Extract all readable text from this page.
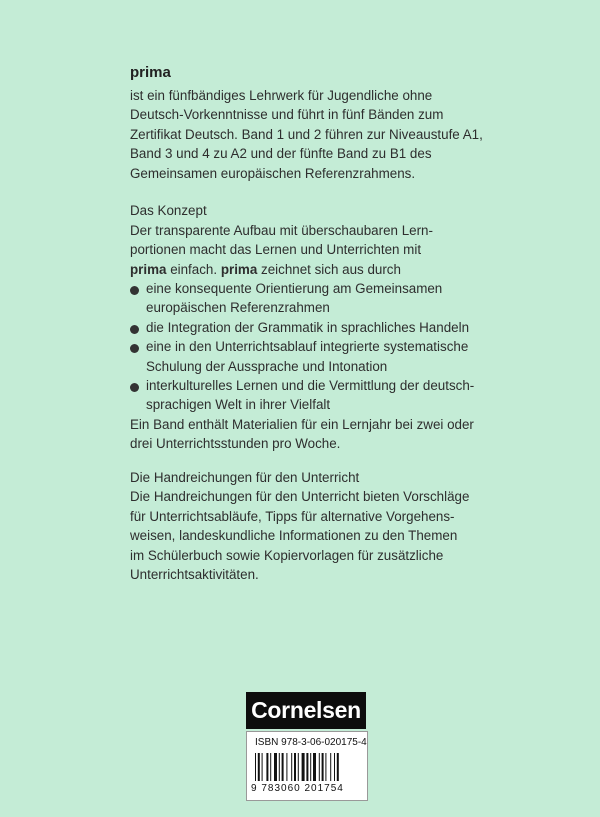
prima
ist ein fünfbändiges Lehrwerk für Jugendliche ohne
Deutsch-Vorkenntnisse und führt in fünf Bänden zum
Zertifikat Deutsch. Band 1 und 2 führen zur Niveaustufe A1,
Band 3 und 4 zu A2 und der fünfte Band zu B1 des
Gemeinsamen europäischen Referenzrahmens.
Das Konzept
Der transparente Aufbau mit überschaubaren Lern-
portionen macht das Lernen und Unterrichten mit
prima einfach. prima zeichnet sich aus durch
eine konsequente Orientierung am Gemeinsamen
europäischen Referenzrahmen
die Integration der Grammatik in sprachliches Handeln
eine in den Unterrichtsablauf integrierte systematische
Schulung der Aussprache und Intonation
interkulturelles Lernen und die Vermittlung der deutsch-
sprachigen Welt in ihrer Vielfalt
Ein Band enthält Materialien für ein Lernjahr bei zwei oder
drei Unterrichtsstunden pro Woche.
Die Handreichungen für den Unterricht
Die Handreichungen für den Unterricht bieten Vorschläge
für Unterrichtsabläufe, Tipps für alternative Vorgehens-
weisen, landeskundliche Informationen zu den Themen
im Schülerbuch sowie Kopiervorlagen für zusätzliche
Unterrichtsaktivitäten.
Cornelsen
ISBN 978-3-06-020175-4
9 783060 201754
